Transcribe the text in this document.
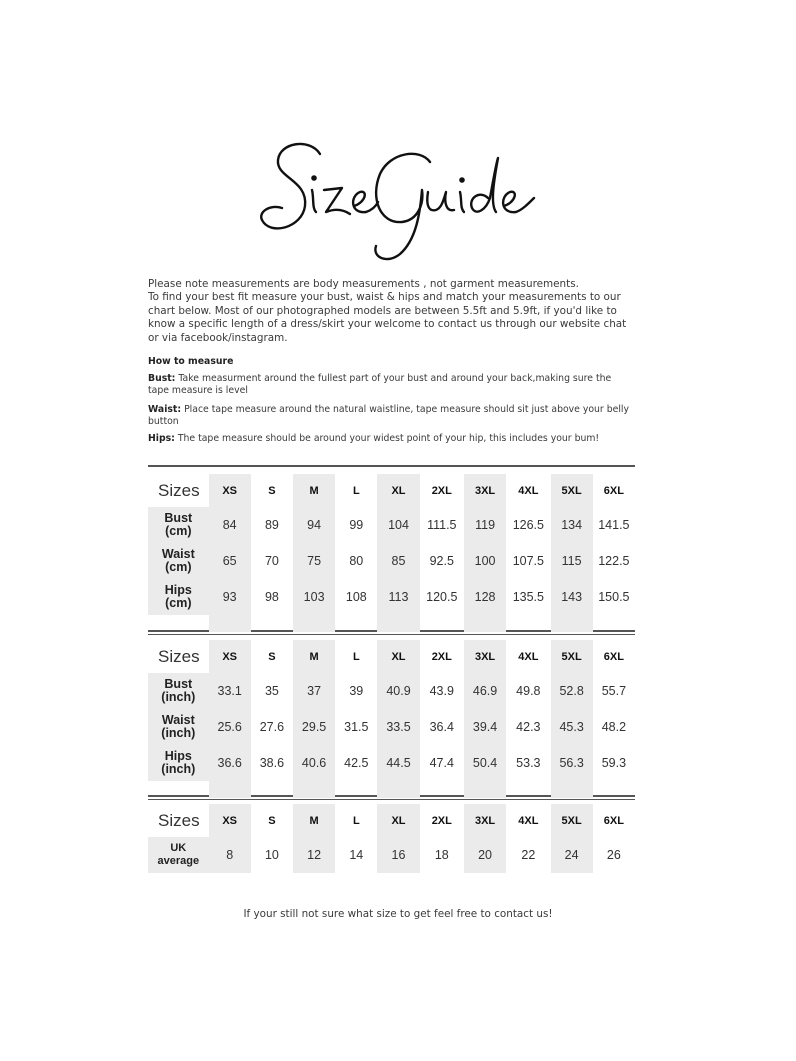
Please note measurements are body measurements , not garment measurements.
To find your best fit measure your bust, waist & hips and match your measurements to our
chart below. Most of our photographed models are between 5.5ft and 5.9ft, if you'd like to
know a specific length of a dress/skirt your welcome to contact us through our website chat
or via facebook/instagram.

How to measure

Bust: Take measurment around the fullest part of your bust and around your back,making sure the
tape measure is level

Waist: Place tape measure around the natural waistline, tape measure should sit just above your belly
button

Hips: The tape measure should be around your widest point of your hip, this includes your bum!

Sizes	XS	S	M	L	XL	2XL	3XL	4XL	5XL	6XL
Bust
(cm)	84	89	94	99	104	111.5	119	126.5	134	141.5
Waist
(cm)	65	70	75	80	85	92.5	100	107.5	115	122.5
Hips
(cm)	93	98	103	108	113	120.5	128	135.5	143	150.5

Sizes	XS	S	M	L	XL	2XL	3XL	4XL	5XL	6XL
Bust
(inch)	33.1	35	37	39	40.9	43.9	46.9	49.8	52.8	55.7
Waist
(inch)	25.6	27.6	29.5	31.5	33.5	36.4	39.4	42.3	45.3	48.2
Hips
(inch)	36.6	38.6	40.6	42.5	44.5	47.4	50.4	53.3	56.3	59.3

Sizes	XS	S	M	L	XL	2XL	3XL	4XL	5XL	6XL
UK
average	8	10	12	14	16	18	20	22	24	26

If your still not sure what size to get feel free to contact us!
